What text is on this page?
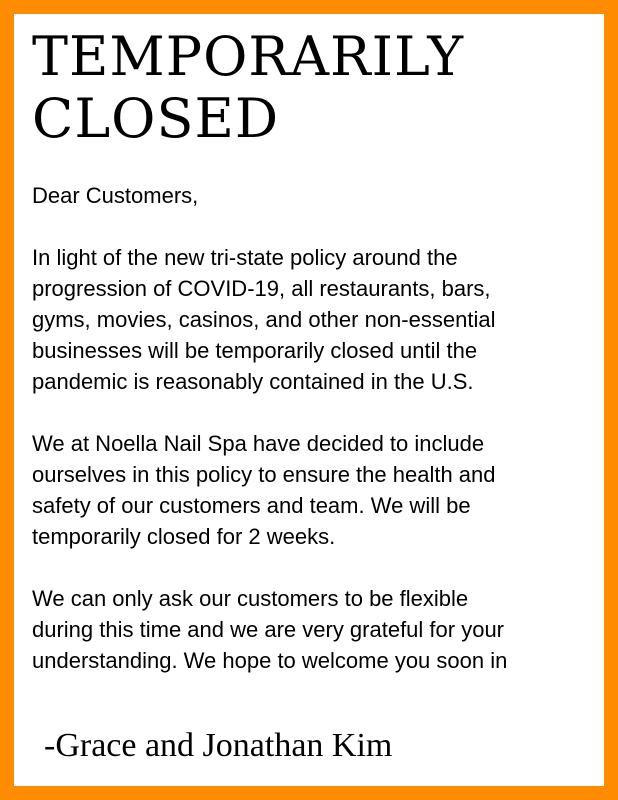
TEMPORARILY
CLOSED

Dear Customers,

In light of the new tri-state policy around the
progression of COVID-19, all restaurants, bars,
gyms, movies, casinos, and other non-essential
businesses will be temporarily closed until the
pandemic is reasonably contained in the U.S.

We at Noella Nail Spa have decided to include
ourselves in this policy to ensure the health and
safety of our customers and team. We will be
temporarily closed for 2 weeks.

We can only ask our customers to be flexible
during this time and we are very grateful for your
understanding. We hope to welcome you soon in

-Grace and Jonathan Kim
